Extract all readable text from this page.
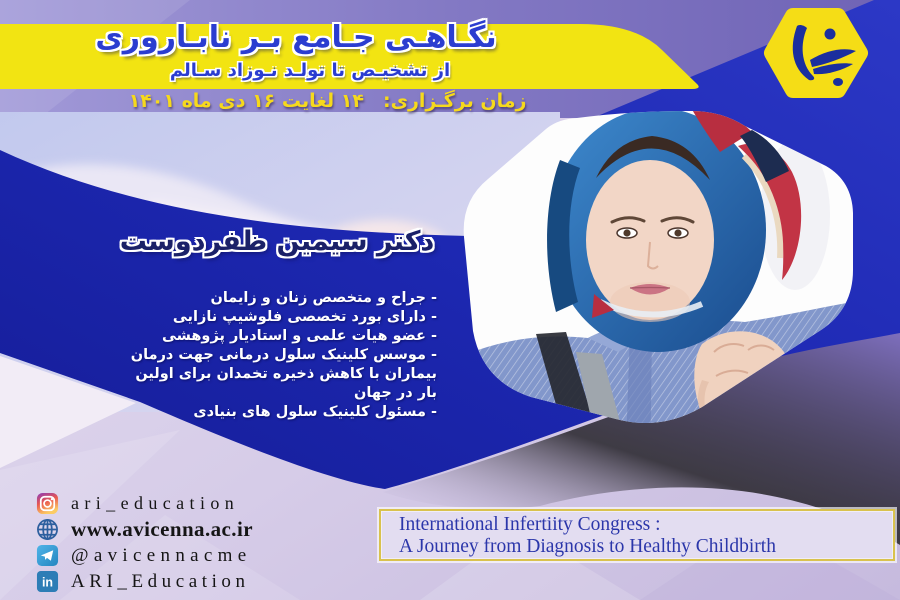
نگـاهـی جـامع بـر نابـاروری
از تشخیـص تا تولـد نـوزاد سـالم
زمان برگـزاری: ۱۴ لغایت ۱۶ دی ماه ۱۴۰۱
دکتر سیمین ظفردوست
- جراح و متخصص زنان و زایمان
- دارای بورد تخصصی فلوشیپ نازایی
- عضو هیات علمی و استادیار پژوهشی
- موسس کلینیک سلول درمانی جهت درمان
بیماران با کاهش ذخیره تخمدان برای اولین
بار در جهان
- مسئول کلینیک سلول های بنیادی
ari_education
www.avicenna.ac.ir
@avicennacme
in ARI_Education
International Infertiity Congress :
A Journey from Diagnosis to Healthy Childbirth
